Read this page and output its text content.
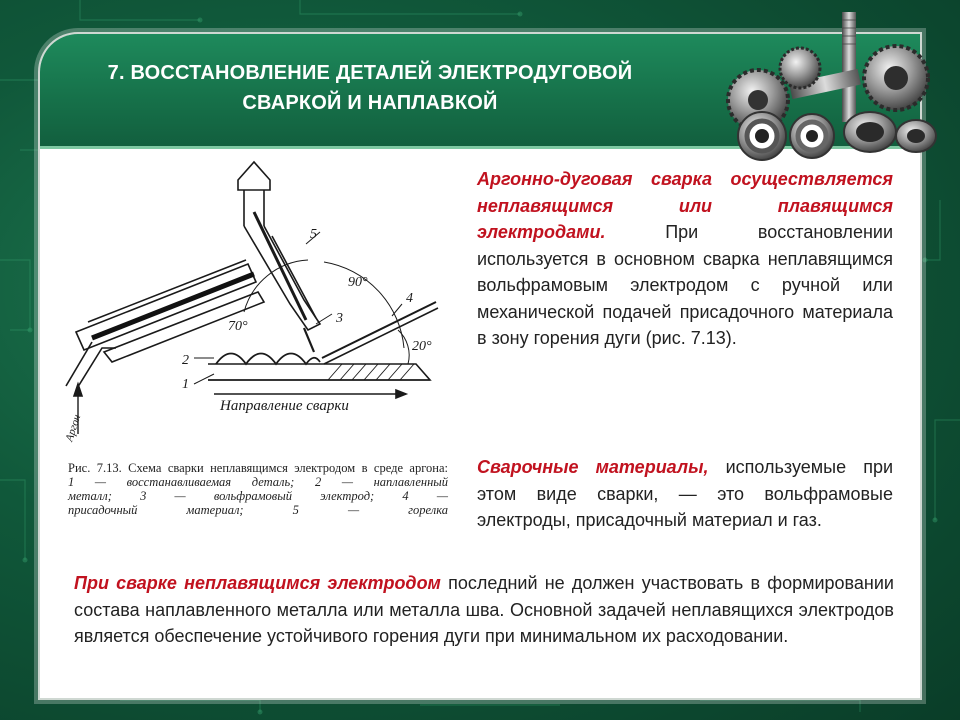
7. ВОССТАНОВЛЕНИЕ ДЕТАЛЕЙ ЭЛЕКТРОДУГОВОЙ
СВАРКОЙ И НАПЛАВКОЙ
5
3
4
2
1
90°
70°
20°
Направление сварки
Аргон
Рис. 7.13. Схема сварки неплавящимся электродом в среде аргона:
1 — восстанавливаемая деталь; 2 — наплавленный
металл; 3 — вольфрамовый электрод; 4 —
присадочный материал; 5 — горелка
Аргонно-дуговая сварка осуществляется неплавящимся или плавящимся электродами. При восстановлении используется в основном сварка неплавящимся вольфрамовым электродом с ручной или механической подачей присадочного материала в зону горения дуги (рис. 7.13).
Сварочные материалы, используемые при этом виде сварки, — это вольфрамовые электроды, присадочный материал и газ.
При сварке неплавящимся электродом последний не должен участвовать в формировании состава наплавленного металла или металла шва. Основной задачей неплавящихся электродов является обеспечение устойчивого горения дуги при минимальном их расходовании.
